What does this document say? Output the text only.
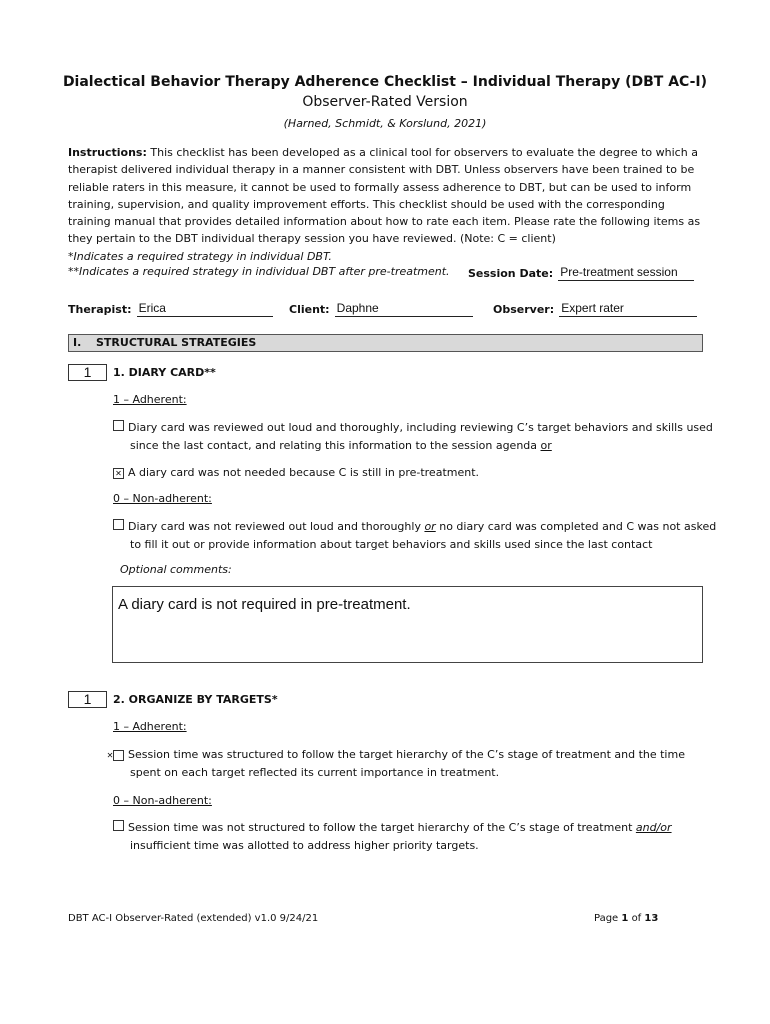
Dialectical Behavior Therapy Adherence Checklist – Individual Therapy (DBT AC-I)
Observer-Rated Version
(Harned, Schmidt, & Korslund, 2021)
Instructions: This checklist has been developed as a clinical tool for observers to evaluate the degree to which a therapist delivered individual therapy in a manner consistent with DBT. Unless observers have been trained to be reliable raters in this measure, it cannot be used to formally assess adherence to DBT, but can be used to inform training, supervision, and quality improvement efforts. This checklist should be used with the corresponding training manual that provides detailed information about how to rate each item. Please rate the following items as they pertain to the DBT individual therapy session you have reviewed. (Note: C = client)
*Indicates a required strategy in individual DBT.
**Indicates a required strategy in individual DBT after pre-treatment. Session Date: Pre-treatment session
Therapist: Erica	Client: Daphne	Observer: Expert rater
I. STRUCTURAL STRATEGIES
1	1. DIARY CARD**
1 – Adherent:
Diary card was reviewed out loud and thoroughly, including reviewing C’s target behaviors and skills used since the last contact, and relating this information to the session agenda or
✕ A diary card was not needed because C is still in pre-treatment.
0 – Non-adherent:
Diary card was not reviewed out loud and thoroughly or no diary card was completed and C was not asked to fill it out or provide information about target behaviors and skills used since the last contact
Optional comments:
A diary card is not required in pre-treatment.
1	2. ORGANIZE BY TARGETS*
1 – Adherent:
✕ Session time was structured to follow the target hierarchy of the C’s stage of treatment and the time spent on each target reflected its current importance in treatment.
0 – Non-adherent:
Session time was not structured to follow the target hierarchy of the C’s stage of treatment and/or insufficient time was allotted to address higher priority targets.
DBT AC-I Observer-Rated (extended) v1.0 9/24/21	Page 1 of 13
